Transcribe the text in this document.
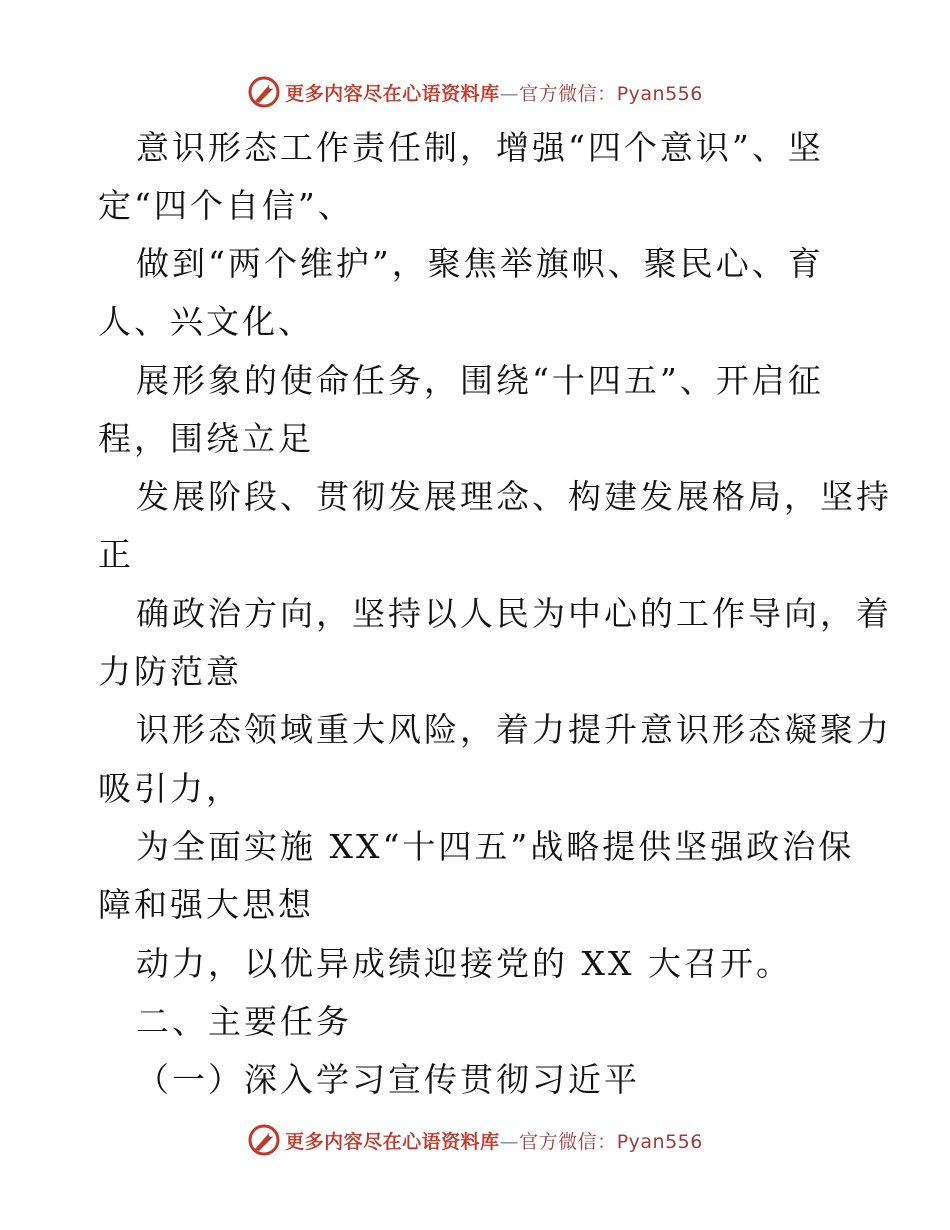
更多内容尽在心语资料库—官方微信：Pyan556
意识形态工作责任制，增强“四个意识”、坚
定“四个自信”、
做到“两个维护”，聚焦举旗帜、聚民心、育
人、兴文化、
展形象的使命任务，围绕“十四五”、开启征
程，围绕立足
发展阶段、贯彻发展理念、构建发展格局，坚持
正
确政治方向，坚持以人民为中心的工作导向，着
力防范意
识形态领域重大风险，着力提升意识形态凝聚力
吸引力，
为全面实施 XX“十四五”战略提供坚强政治保
障和强大思想
动力，以优异成绩迎接党的 XX 大召开。
二、主要任务
（一）深入学习宣传贯彻习近平
更多内容尽在心语资料库—官方微信：Pyan556
